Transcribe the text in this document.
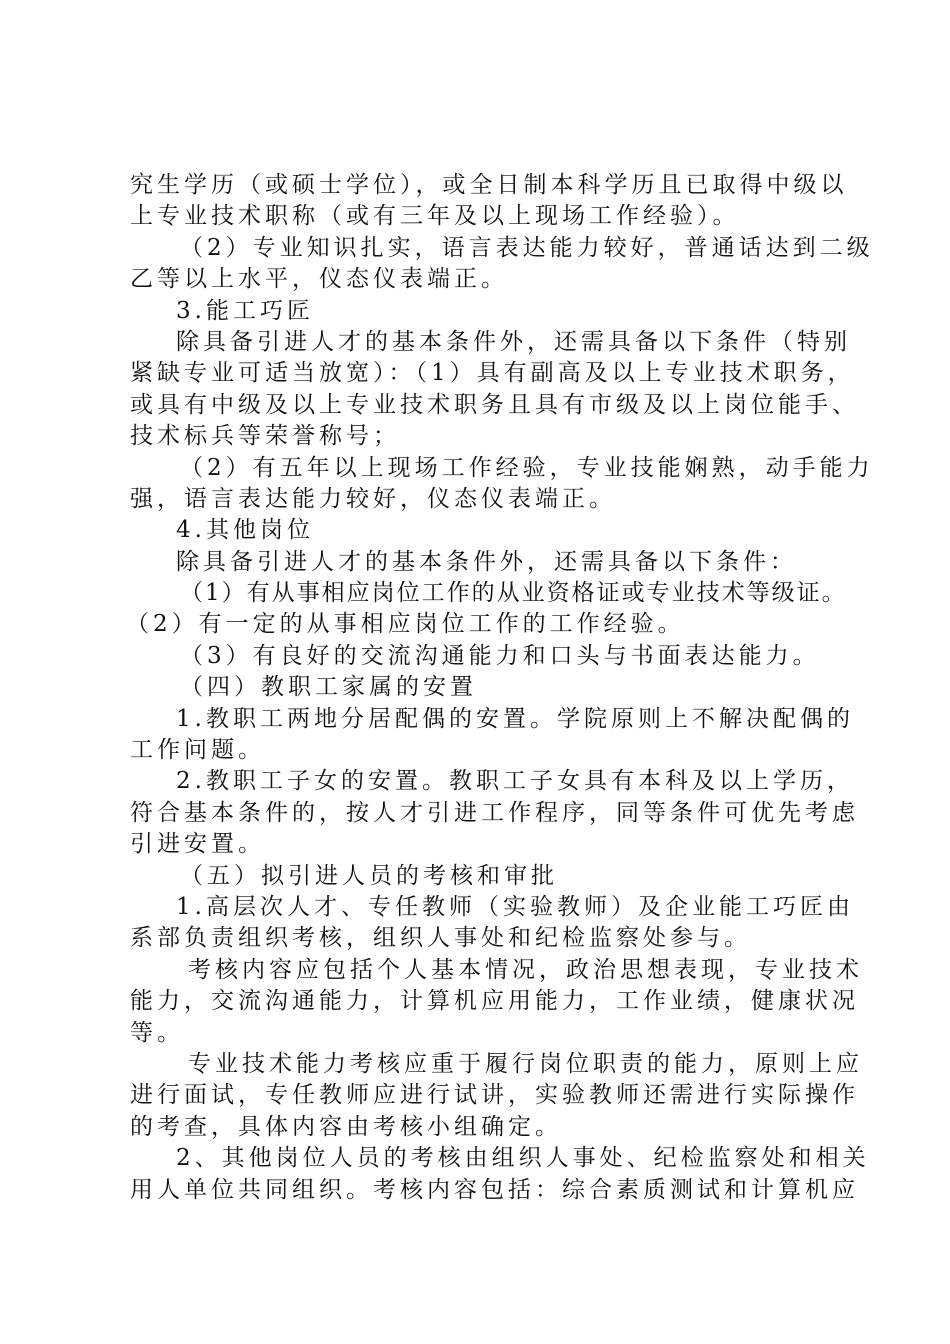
究生学历（或硕士学位），或全日制本科学历且已取得中级以
上专业技术职称（或有三年及以上现场工作经验）。
（2）专业知识扎实，语言表达能力较好，普通话达到二级
乙等以上水平，仪态仪表端正。
3.能工巧匠
除具备引进人才的基本条件外，还需具备以下条件（特别
紧缺专业可适当放宽）：（1）具有副高及以上专业技术职务，
或具有中级及以上专业技术职务且具有市级及以上岗位能手、
技术标兵等荣誉称号；
（2）有五年以上现场工作经验，专业技能娴熟，动手能力
强，语言表达能力较好，仪态仪表端正。
4.其他岗位
除具备引进人才的基本条件外，还需具备以下条件：
（1）有从事相应岗位工作的从业资格证或专业技术等级证。
（2）有一定的从事相应岗位工作的工作经验。
（3）有良好的交流沟通能力和口头与书面表达能力。
（四）教职工家属的安置
1.教职工两地分居配偶的安置。学院原则上不解决配偶的
工作问题。
2.教职工子女的安置。教职工子女具有本科及以上学历，
符合基本条件的，按人才引进工作程序，同等条件可优先考虑
引进安置。
（五）拟引进人员的考核和审批
1.高层次人才、专任教师（实验教师）及企业能工巧匠由
系部负责组织考核，组织人事处和纪检监察处参与。
考核内容应包括个人基本情况，政治思想表现，专业技术
能力，交流沟通能力，计算机应用能力，工作业绩，健康状况
等。
专业技术能力考核应重于履行岗位职责的能力，原则上应
进行面试，专任教师应进行试讲，实验教师还需进行实际操作
的考查，具体内容由考核小组确定。
2、其他岗位人员的考核由组织人事处、纪检监察处和相关
用人单位共同组织。考核内容包括：综合素质测试和计算机应
